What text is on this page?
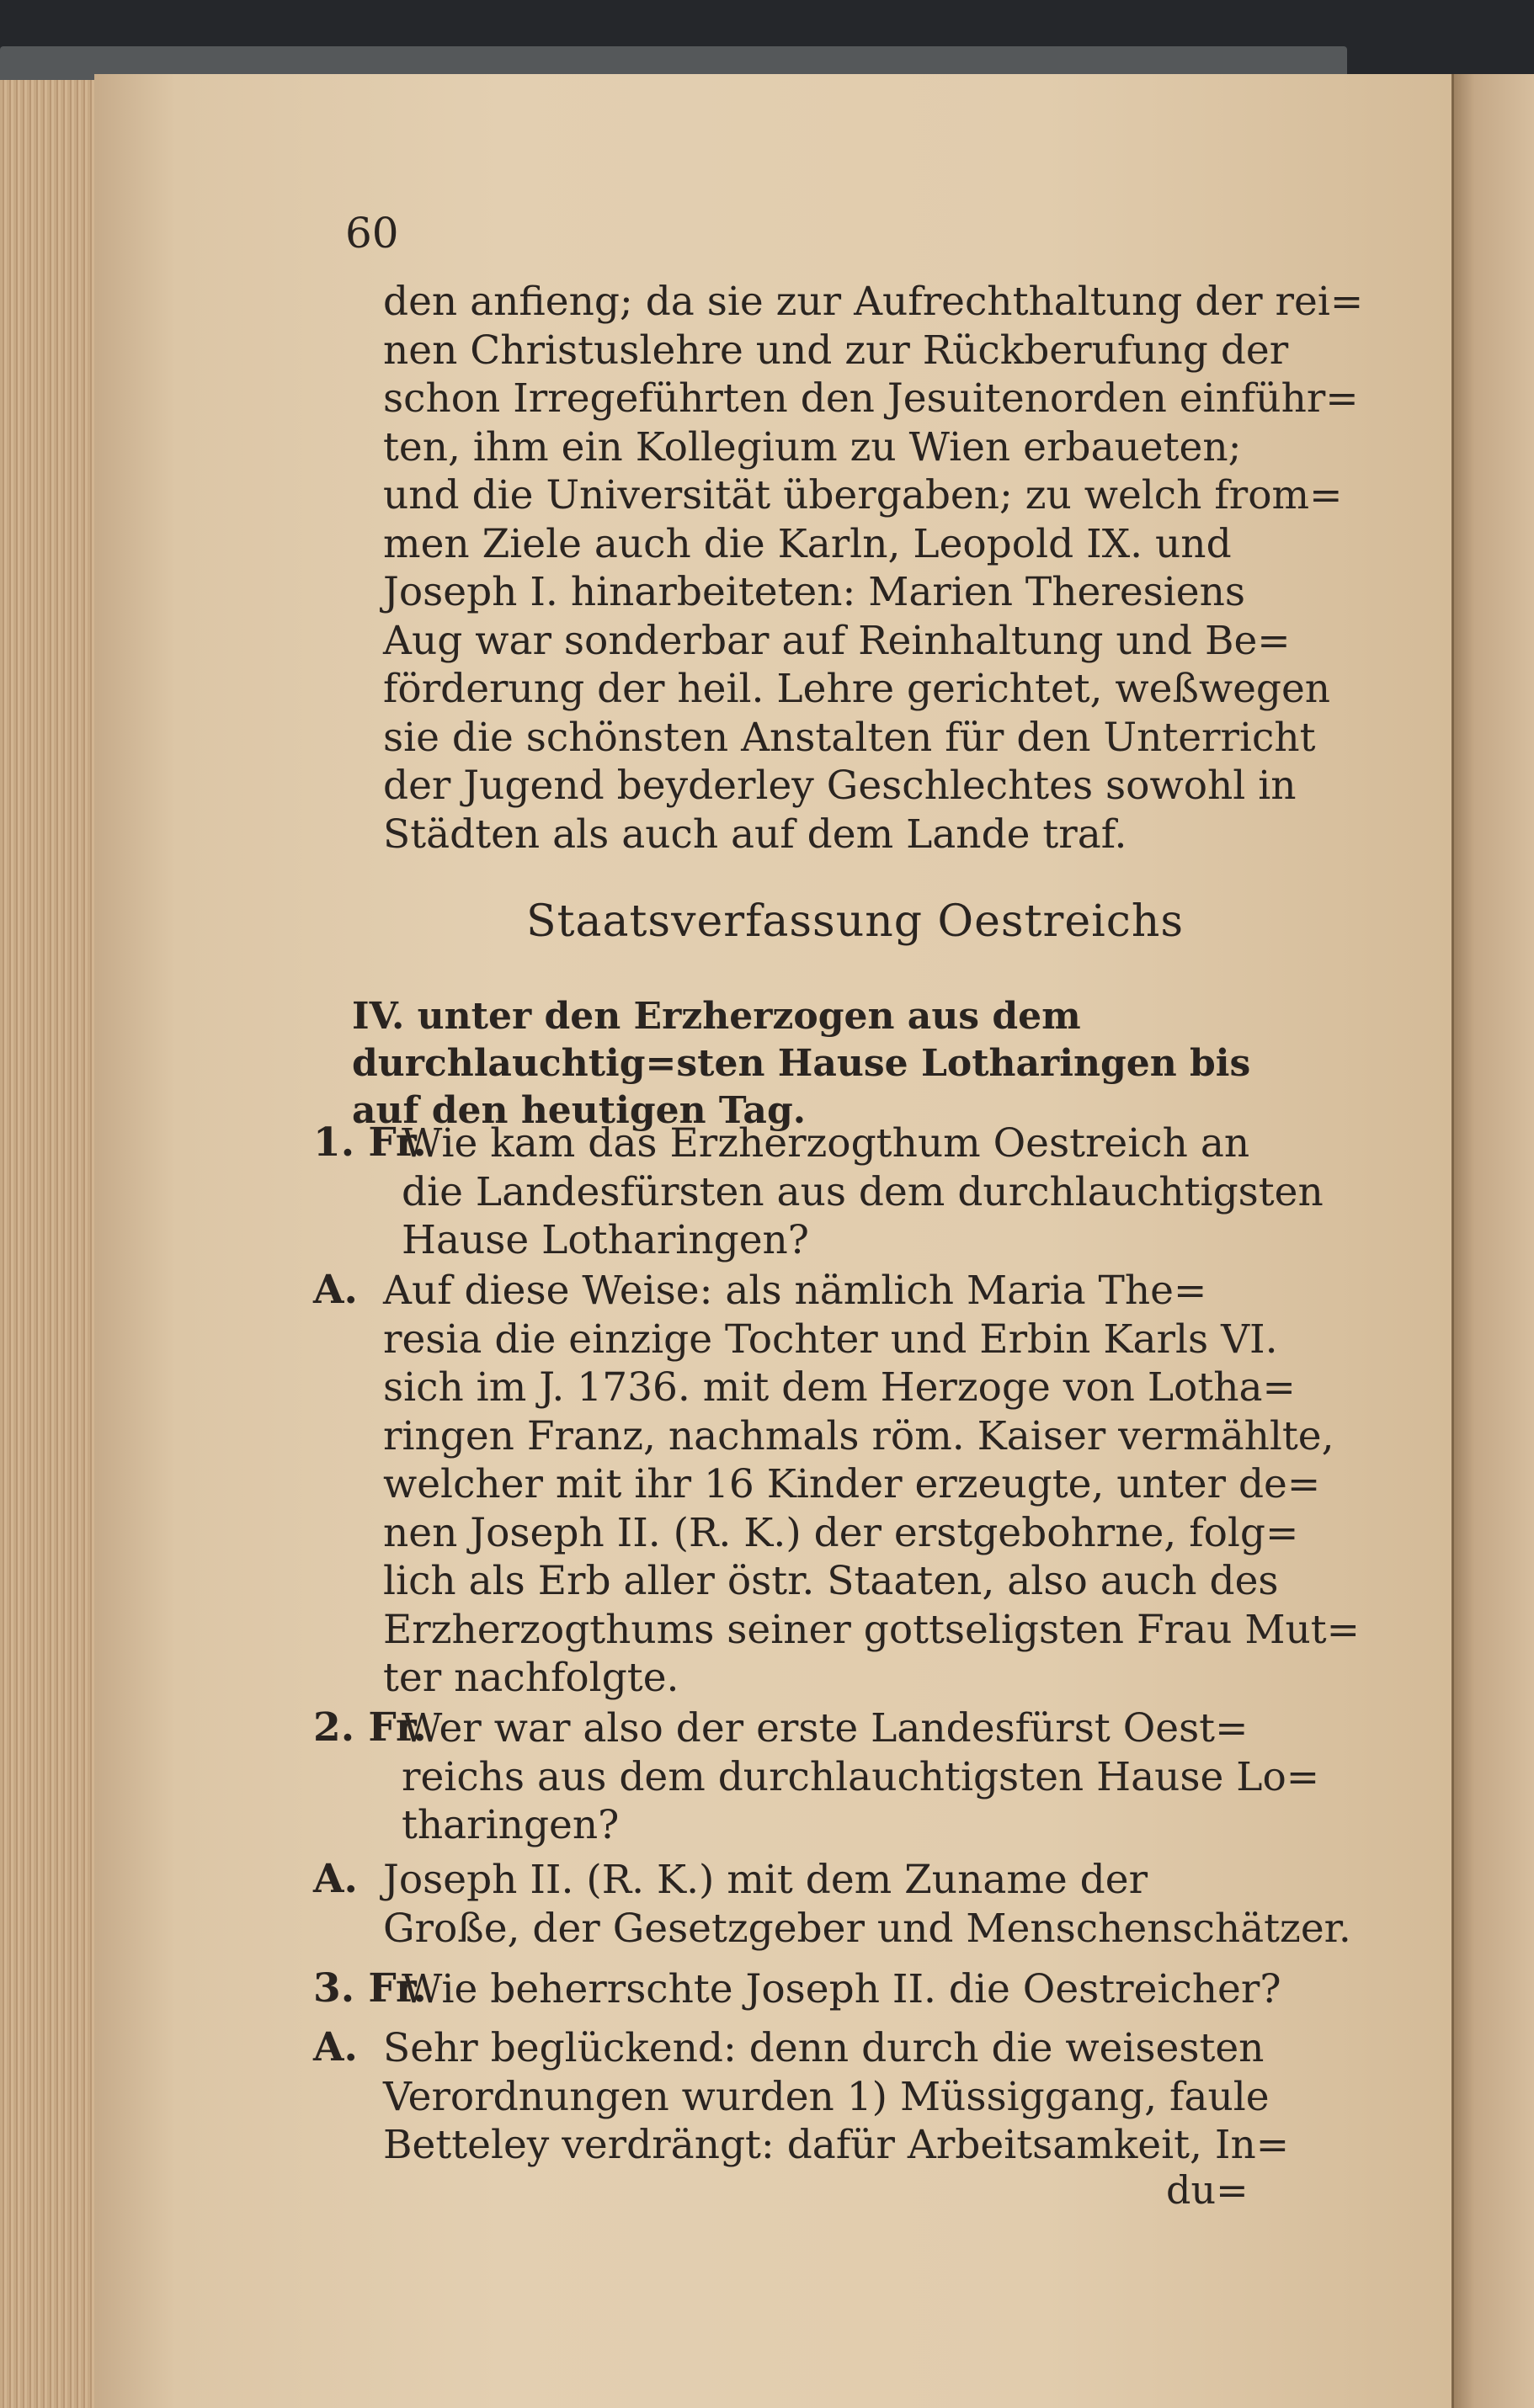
60
den anfieng; da sie zur Aufrechthaltung der rei=
nen Christuslehre und zur Rückberufung der
schon Irregeführten den Jesuitenorden einführ=
ten, ihm ein Kollegium zu Wien erbaueten;
und die Universität übergaben; zu welch from=
men Ziele auch die Karln, Leopold IX. und
Joseph I. hinarbeiteten: Marien Theresiens
Aug war sonderbar auf Reinhaltung und Be=
förderung der heil. Lehre gerichtet, weßwegen
sie die schönsten Anstalten für den Unterricht
der Jugend beyderley Geschlechtes sowohl in
Städten als auch auf dem Lande traf.
Staatsverfassung Oestreichs
IV. unter den Erzherzogen aus dem durchlauchtig=sten Hause Lotharingen bis auf den heutigen Tag.
1. Fr.
Wie kam das Erzherzogthum Oestreich an
die Landesfürsten aus dem durchlauchtigsten
Hause Lotharingen?
A. Auf diese Weise: als nämlich Maria The=
resia die einzige Tochter und Erbin Karls VI.
sich im J. 1736. mit dem Herzoge von Lotha=
ringen Franz, nachmals röm. Kaiser vermählte,
welcher mit ihr 16 Kinder erzeugte, unter de=
nen Joseph II. (R. K.) der erstgebohrne, folg=
lich als Erb aller östr. Staaten, also auch des
Erzherzogthums seiner gottseligsten Frau Mut=
ter nachfolgte.
2. Fr.
Wer war also der erste Landesfürst Oest=
reichs aus dem durchlauchtigsten Hause Lo=
tharingen?
A. Joseph II. (R. K.) mit dem Zuname der
Große, der Gesetzgeber und Menschenschätzer.
3. Fr.
Wie beherrschte Joseph II. die Oestreicher?
A. Sehr beglückend: denn durch die weisesten
Verordnungen wurden 1) Müssiggang, faule
Betteley verdrängt: dafür Arbeitsamkeit, In=
du=
